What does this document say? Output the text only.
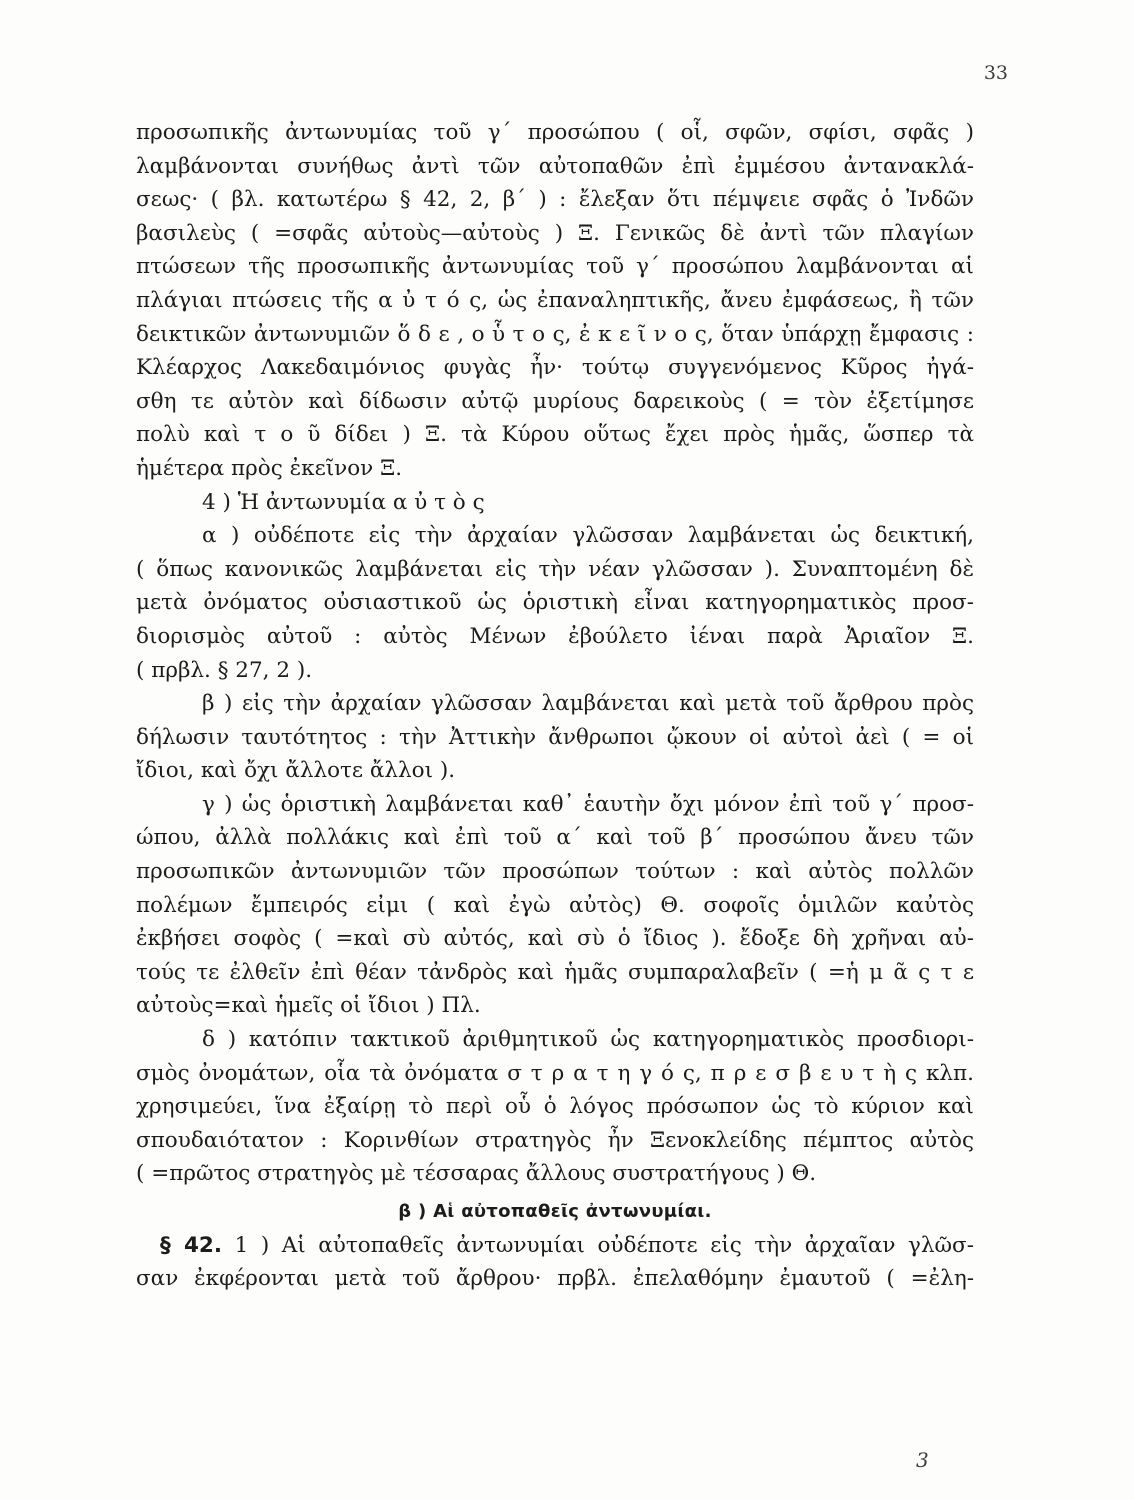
33
προσωπικῆς ἀντωνυμίας τοῦ γ΄ προσώπου ( οἷ, σφῶν, σφίσι, σφᾶς )
λαμβάνονται συνήθως ἀντὶ τῶν αὐτοπαθῶν ἐπὶ ἐμμέσου ἀντανακλά-
σεως· ( βλ. κατωτέρω § 42, 2, β΄ ) : ἔλεξαν ὅτι πέμψειε σφᾶς ὁ Ἰνδῶν
βασιλεὺς ( =σφᾶς αὐτοὺς—αὐτοὺς ) Ξ. Γενικῶς δὲ ἀντὶ τῶν πλαγίων
πτώσεων τῆς προσωπικῆς ἀντωνυμίας τοῦ γ΄ προσώπου λαμβάνονται αἱ
πλάγιαι πτώσεις τῆς α ὐ τ ό ς, ὡς ἐπαναληπτικῆς, ἄνευ ἐμφάσεως, ἢ τῶν
δεικτικῶν ἀντωνυμιῶν ὅ δ ε , ο ὗ τ ο ς, ἐ κ ε ῖ ν ο ς, ὅταν ὑπάρχῃ ἔμφασις :
Κλέαρχος Λακεδαιμόνιος φυγὰς ἦν· τούτῳ συγγενόμενος Κῦρος ἠγά-
σθη τε αὐτὸν καὶ δίδωσιν αὐτῷ μυρίους δαρεικοὺς ( = τὸν ἐξετίμησε
πολὺ καὶ τ ο ῦ δίδει ) Ξ. τὰ Κύρου οὕτως ἔχει πρὸς ἡμᾶς, ὥσπερ τὰ
ἡμέτερα πρὸς ἐκεῖνον Ξ.
4 ) Ἡ ἀντωνυμία α ὐ τ ὸ ς
α ) οὐδέποτε εἰς τὴν ἀρχαίαν γλῶσσαν λαμβάνεται ὡς δεικτική,
( ὅπως κανονικῶς λαμβάνεται εἰς τὴν νέαν γλῶσσαν ). Συναπτομένη δὲ
μετὰ ὀνόματος οὐσιαστικοῦ ὡς ὁριστικὴ εἶναι κατηγορηματικὸς προσ-
διορισμὸς αὐτοῦ : αὐτὸς Μένων ἐβούλετο ἰέναι παρὰ Ἀριαῖον Ξ.
( πρβλ. § 27, 2 ).
β ) εἰς τὴν ἀρχαίαν γλῶσσαν λαμβάνεται καὶ μετὰ τοῦ ἄρθρου πρὸς
δήλωσιν ταυτότητος : τὴν Ἀττικὴν ἄνθρωποι ᾤκουν οἱ αὐτοὶ ἀεὶ ( = οἱ
ἴδιοι, καὶ ὄχι ἄλλοτε ἄλλοι ).
γ ) ὡς ὁριστικὴ λαμβάνεται καθ᾽ ἑαυτὴν ὄχι μόνον ἐπὶ τοῦ γ΄ προσ-
ώπου, ἀλλὰ πολλάκις καὶ ἐπὶ τοῦ α΄ καὶ τοῦ β΄ προσώπου ἄνευ τῶν
προσωπικῶν ἀντωνυμιῶν τῶν προσώπων τούτων : καὶ αὐτὸς πολλῶν
πολέμων ἔμπειρός εἰμι ( καὶ ἐγὼ αὐτὸς) Θ. σοφοῖς ὁμιλῶν καὐτὸς
ἐκβήσει σοφὸς ( =καὶ σὺ αὐτός, καὶ σὺ ὁ ἴδιος ). ἔδοξε δὴ χρῆναι αὐ-
τούς τε ἐλθεῖν ἐπὶ θέαν τἀνδρὸς καὶ ἡμᾶς συμπαραλαβεῖν ( =ἡ μ ᾶ ς τ ε
αὐτοὺς=καὶ ἡμεῖς οἱ ἴδιοι ) Πλ.
δ ) κατόπιν τακτικοῦ ἀριθμητικοῦ ὡς κατηγορηματικὸς προσδιορι-
σμὸς ὀνομάτων, οἷα τὰ ὀνόματα σ τ ρ α τ η γ ό ς, π ρ ε σ β ε υ τ ὴ ς κλπ.
χρησιμεύει, ἵνα ἐξαίρῃ τὸ περὶ οὗ ὁ λόγος πρόσωπον ὡς τὸ κύριον καὶ
σπουδαιότατον : Κορινθίων στρατηγὸς ἦν Ξενοκλείδης πέμπτος αὐτὸς
( =πρῶτος στρατηγὸς μὲ τέσσαρας ἄλλους συστρατήγους ) Θ.
β ) Αἱ αὐτοπαθεῖς ἀντωνυμίαι.
§ 42. 1 ) Αἱ αὐτοπαθεῖς ἀντωνυμίαι οὐδέποτε εἰς τὴν ἀρχαῖαν γλῶσ-
σαν ἐκφέρονται μετὰ τοῦ ἄρθρου· πρβλ. ἐπελαθόμην ἐμαυτοῦ ( =ἐλη-
3
